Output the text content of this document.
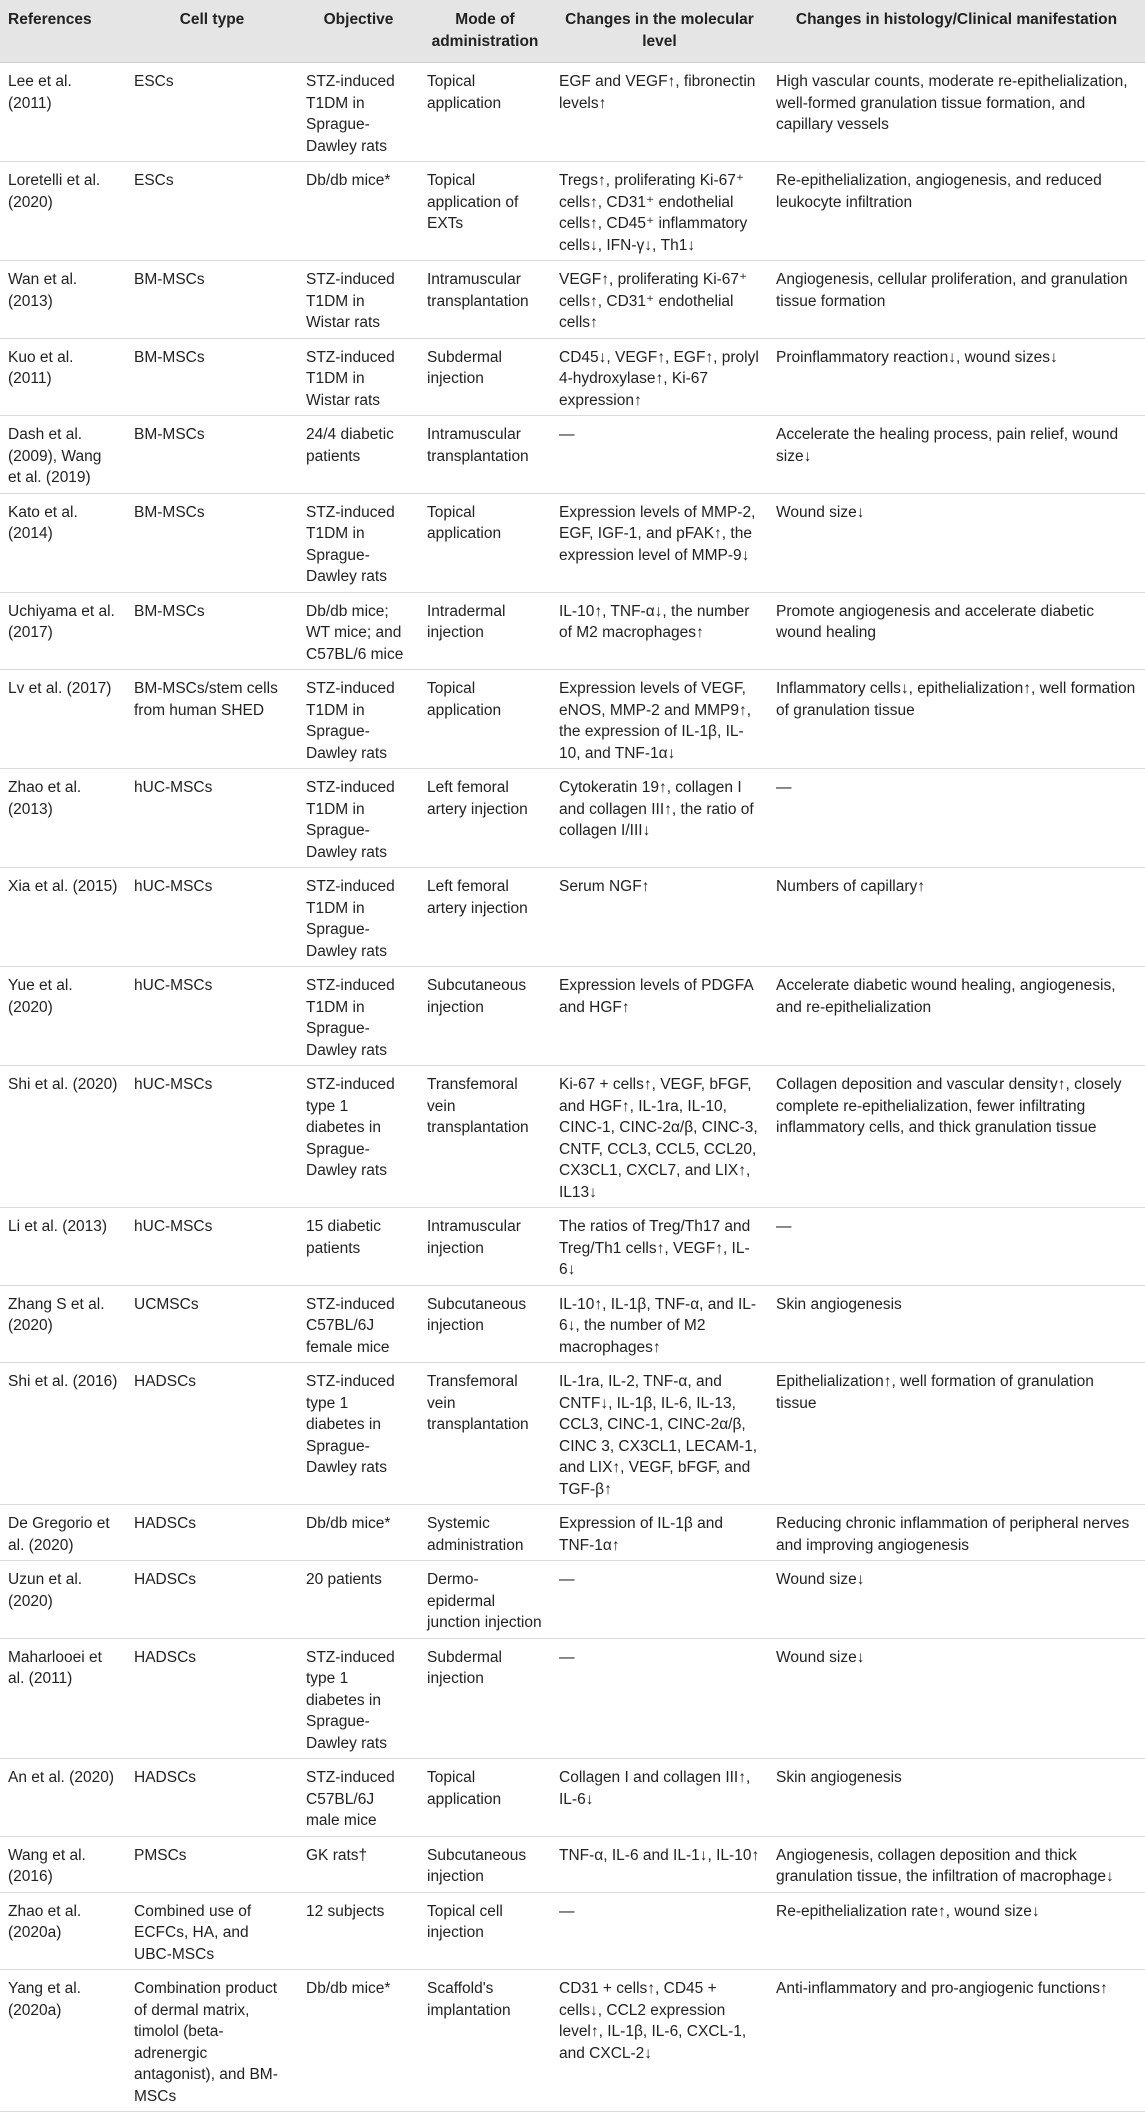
References	Cell type	Objective	Mode of administration	Changes in the molecular level	Changes in histology/Clinical manifestation
Lee et al. (2011)	ESCs	STZ-induced T1DM in Sprague-Dawley rats	Topical application	EGF and VEGF↑, fibronectin levels↑	High vascular counts, moderate re-epithelialization, well-formed granulation tissue formation, and capillary vessels
Loretelli et al. (2020)	ESCs	Db/db mice*	Topical application of EXTs	Tregs↑, proliferating Ki-67⁺ cells↑, CD31⁺ endothelial cells↑, CD45⁺ inflammatory cells↓, IFN-γ↓, Th1↓	Re-epithelialization, angiogenesis, and reduced leukocyte infiltration
Wan et al. (2013)	BM-MSCs	STZ-induced T1DM in Wistar rats	Intramuscular transplantation	VEGF↑, proliferating Ki-67⁺ cells↑, CD31⁺ endothelial cells↑	Angiogenesis, cellular proliferation, and granulation tissue formation
Kuo et al. (2011)	BM-MSCs	STZ-induced T1DM in Wistar rats	Subdermal injection	CD45↓, VEGF↑, EGF↑, prolyl 4-hydroxylase↑, Ki-67 expression↑	Proinflammatory reaction↓, wound sizes↓
Dash et al. (2009), Wang et al. (2019)	BM-MSCs	24/4 diabetic patients	Intramuscular transplantation	—	Accelerate the healing process, pain relief, wound size↓
Kato et al. (2014)	BM-MSCs	STZ-induced T1DM in Sprague-Dawley rats	Topical application	Expression levels of MMP-2, EGF, IGF-1, and pFAK↑, the expression level of MMP-9↓	Wound size↓
Uchiyama et al. (2017)	BM-MSCs	Db/db mice; WT mice; and C57BL/6 mice	Intradermal injection	IL-10↑, TNF-α↓, the number of M2 macrophages↑	Promote angiogenesis and accelerate diabetic wound healing
Lv et al. (2017)	BM-MSCs/stem cells from human SHED	STZ-induced T1DM in Sprague-Dawley rats	Topical application	Expression levels of VEGF, eNOS, MMP-2 and MMP9↑, the expression of IL-1β, IL-10, and TNF-1α↓	Inflammatory cells↓, epithelialization↑, well formation of granulation tissue
Zhao et al. (2013)	hUC-MSCs	STZ-induced T1DM in Sprague-Dawley rats	Left femoral artery injection	Cytokeratin 19↑, collagen I and collagen III↑, the ratio of collagen I/III↓	—
Xia et al. (2015)	hUC-MSCs	STZ-induced T1DM in Sprague-Dawley rats	Left femoral artery injection	Serum NGF↑	Numbers of capillary↑
Yue et al. (2020)	hUC-MSCs	STZ-induced T1DM in Sprague-Dawley rats	Subcutaneous injection	Expression levels of PDGFA and HGF↑	Accelerate diabetic wound healing, angiogenesis, and re-epithelialization
Shi et al. (2020)	hUC-MSCs	STZ-induced type 1 diabetes in Sprague-Dawley rats	Transfemoral vein transplantation	Ki-67 + cells↑, VEGF, bFGF, and HGF↑, IL-1ra, IL-10, CINC-1, CINC-2α/β, CINC-3, CNTF, CCL3, CCL5, CCL20, CX3CL1, CXCL7, and LIX↑, IL13↓	Collagen deposition and vascular density↑, closely complete re-epithelialization, fewer infiltrating inflammatory cells, and thick granulation tissue
Li et al. (2013)	hUC-MSCs	15 diabetic patients	Intramuscular injection	The ratios of Treg/Th17 and Treg/Th1 cells↑, VEGF↑, IL-6↓	—
Zhang S et al. (2020)	UCMSCs	STZ-induced C57BL/6J female mice	Subcutaneous injection	IL-10↑, IL-1β, TNF-α, and IL-6↓, the number of M2 macrophages↑	Skin angiogenesis
Shi et al. (2016)	HADSCs	STZ-induced type 1 diabetes in Sprague-Dawley rats	Transfemoral vein transplantation	IL-1ra, IL-2, TNF-α, and CNTF↓, IL-1β, IL-6, IL-13, CCL3, CINC-1, CINC-2α/β, CINC 3, CX3CL1, LECAM-1, and LIX↑, VEGF, bFGF, and TGF-β↑	Epithelialization↑, well formation of granulation tissue
De Gregorio et al. (2020)	HADSCs	Db/db mice*	Systemic administration	Expression of IL-1β and TNF-1α↑	Reducing chronic inflammation of peripheral nerves and improving angiogenesis
Uzun et al. (2020)	HADSCs	20 patients	Dermo-epidermal junction injection	—	Wound size↓
Maharlooei et al. (2011)	HADSCs	STZ-induced type 1 diabetes in Sprague-Dawley rats	Subdermal injection	—	Wound size↓
An et al. (2020)	HADSCs	STZ-induced C57BL/6J male mice	Topical application	Collagen I and collagen III↑, IL-6↓	Skin angiogenesis
Wang et al. (2016)	PMSCs	GK rats†	Subcutaneous injection	TNF-α, IL-6 and IL-1↓, IL-10↑	Angiogenesis, collagen deposition and thick granulation tissue, the infiltration of macrophage↓
Zhao et al. (2020a)	Combined use of ECFCs, HA, and UBC-MSCs	12 subjects	Topical cell injection	—	Re-epithelialization rate↑, wound size↓
Yang et al. (2020a)	Combination product of dermal matrix, timolol (beta-adrenergic antagonist), and BM-MSCs	Db/db mice*	Scaffold's implantation	CD31 + cells↑, CD45 + cells↓, CCL2 expression level↑, IL-1β, IL-6, CXCL-1, and CXCL-2↓	Anti-inflammatory and pro-angiogenic functions↑
